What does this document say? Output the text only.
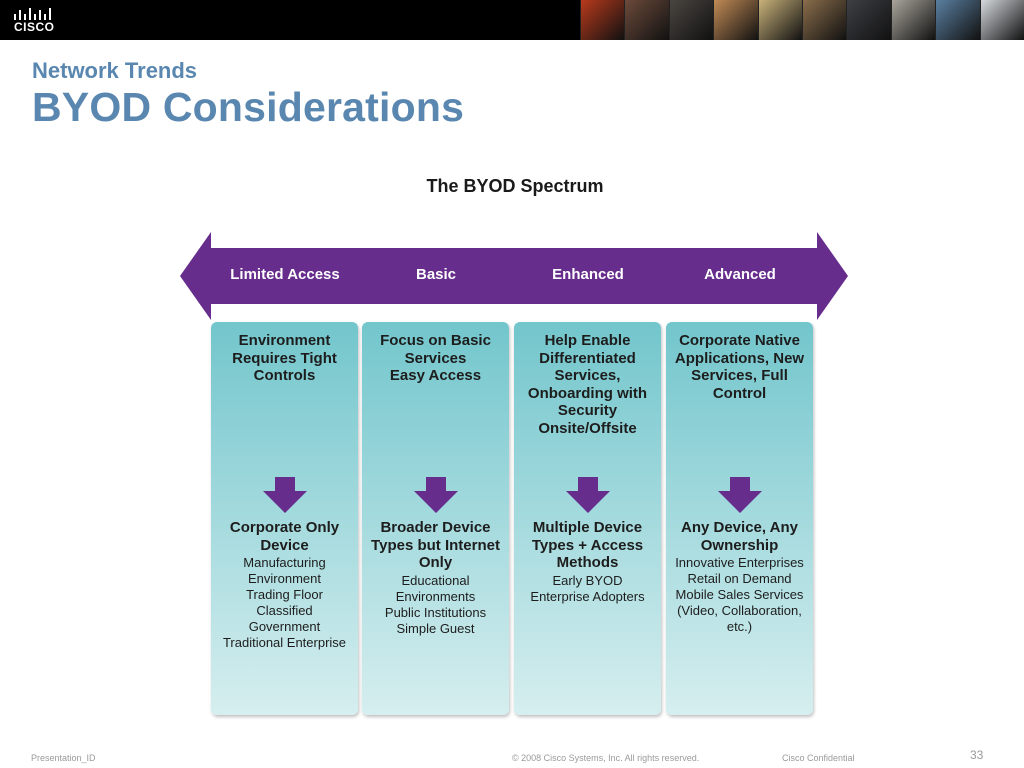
CISCO
Network Trends
BYOD Considerations
The BYOD Spectrum
Limited Access	Basic	Enhanced	Advanced
Environment
Requires Tight
Controls
Corporate Only
Device
Manufacturing
Environment
Trading Floor
Classified
Government
Traditional Enterprise
Focus on Basic
Services
Easy Access
Broader Device
Types but Internet
Only
Educational
Environments
Public Institutions
Simple Guest
Help Enable
Differentiated
Services,
Onboarding with
Security
Onsite/Offsite
Multiple Device
Types + Access
Methods
Early BYOD
Enterprise Adopters
Corporate Native
Applications, New
Services, Full
Control
Any Device, Any
Ownership
Innovative Enterprises
Retail on Demand
Mobile Sales Services
(Video, Collaboration,
etc.)
Presentation_ID	© 2008 Cisco Systems, Inc. All rights reserved.	Cisco Confidential	33
